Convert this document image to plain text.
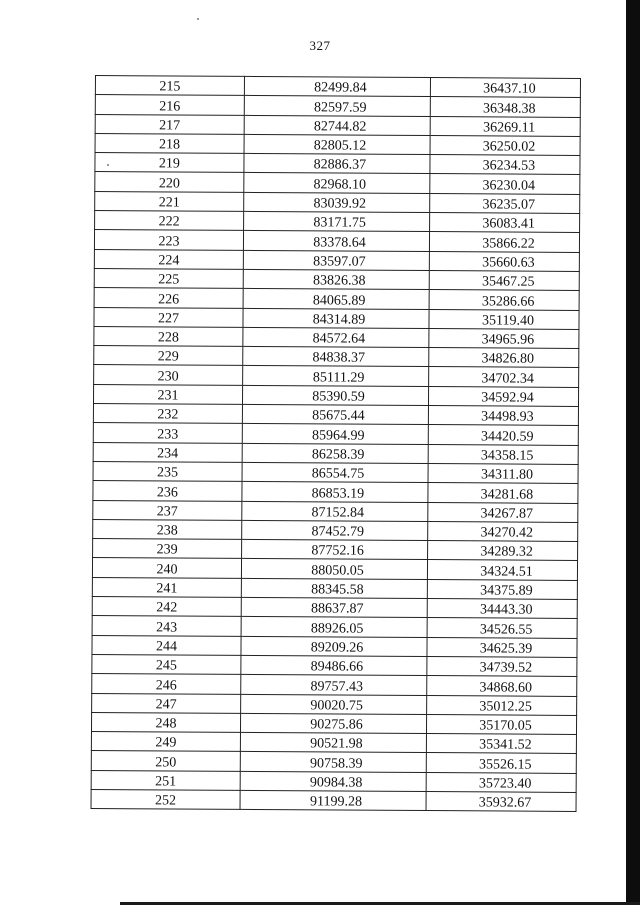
327
215	82499.84	36437.10
216	82597.59	36348.38
217	82744.82	36269.11
218	82805.12	36250.02
219	82886.37	36234.53
220	82968.10	36230.04
221	83039.92	36235.07
222	83171.75	36083.41
223	83378.64	35866.22
224	83597.07	35660.63
225	83826.38	35467.25
226	84065.89	35286.66
227	84314.89	35119.40
228	84572.64	34965.96
229	84838.37	34826.80
230	85111.29	34702.34
231	85390.59	34592.94
232	85675.44	34498.93
233	85964.99	34420.59
234	86258.39	34358.15
235	86554.75	34311.80
236	86853.19	34281.68
237	87152.84	34267.87
238	87452.79	34270.42
239	87752.16	34289.32
240	88050.05	34324.51
241	88345.58	34375.89
242	88637.87	34443.30
243	88926.05	34526.55
244	89209.26	34625.39
245	89486.66	34739.52
246	89757.43	34868.60
247	90020.75	35012.25
248	90275.86	35170.05
249	90521.98	35341.52
250	90758.39	35526.15
251	90984.38	35723.40
252	91199.28	35932.67
